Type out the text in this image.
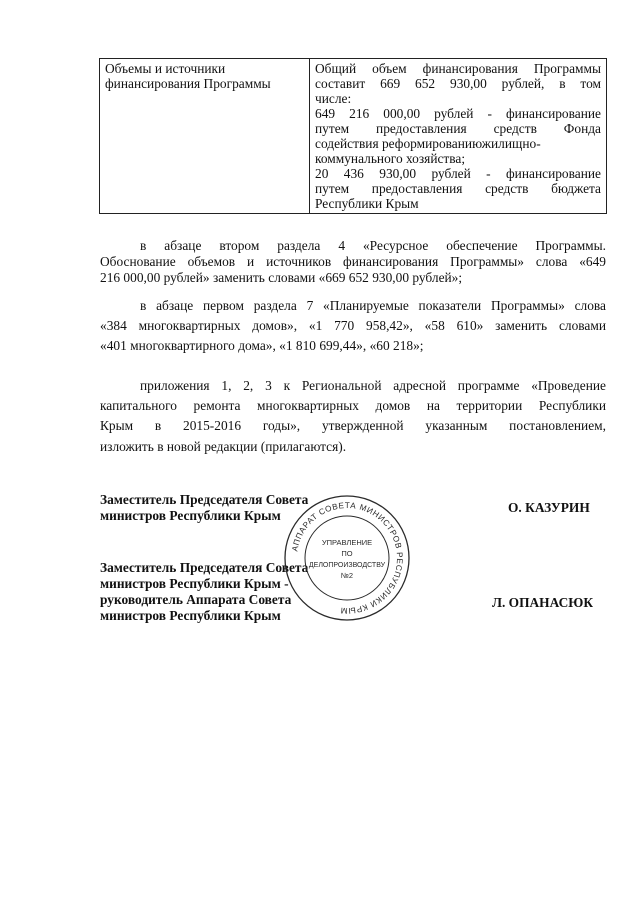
Объемы и источники
финансирования Программы

Общий объем финансирования Программы
составит 669 652 930,00 рублей, в том
числе:
649 216 000,00 рублей - финансирование
путем предоставления средств Фонда
содействия реформированиюжилищно-
коммунального хозяйства;
20 436 930,00 рублей - финансирование
путем предоставления средств бюджета
Республики Крым
в абзаце втором раздела 4 «Ресурсное обеспечение Программы.
Обоснование объемов и источников финансирования Программы» слова «649
216 000,00 рублей» заменить словами «669 652 930,00 рублей»;
в абзаце первом раздела 7 «Планируемые показатели Программы» слова
«384 многоквартирных домов», «1 770 958,42», «58 610» заменить словами
«401 многоквартирного дома», «1 810 699,44», «60 218»;
приложения 1, 2, 3 к Региональной адресной программе «Проведение
капитального ремонта многоквартирных домов на территории Республики
Крым в 2015-2016 годы», утвержденной указанным постановлением,
изложить в новой редакции (прилагаются).
Заместитель Председателя Совета
министров Республики Крым
О. КАЗУРИН
Заместитель Председателя Совета
министров Республики Крым -
руководитель Аппарата Совета
министров Республики Крым
Л. ОПАНАСЮК
АППАРАТ СОВЕТА МИНИСТРОВ РЕСПУБЛИКИ КРЫМ
УПРАВЛЕНИЕ
ПО
ДЕЛОПРОИЗВОДСТВУ
№2
